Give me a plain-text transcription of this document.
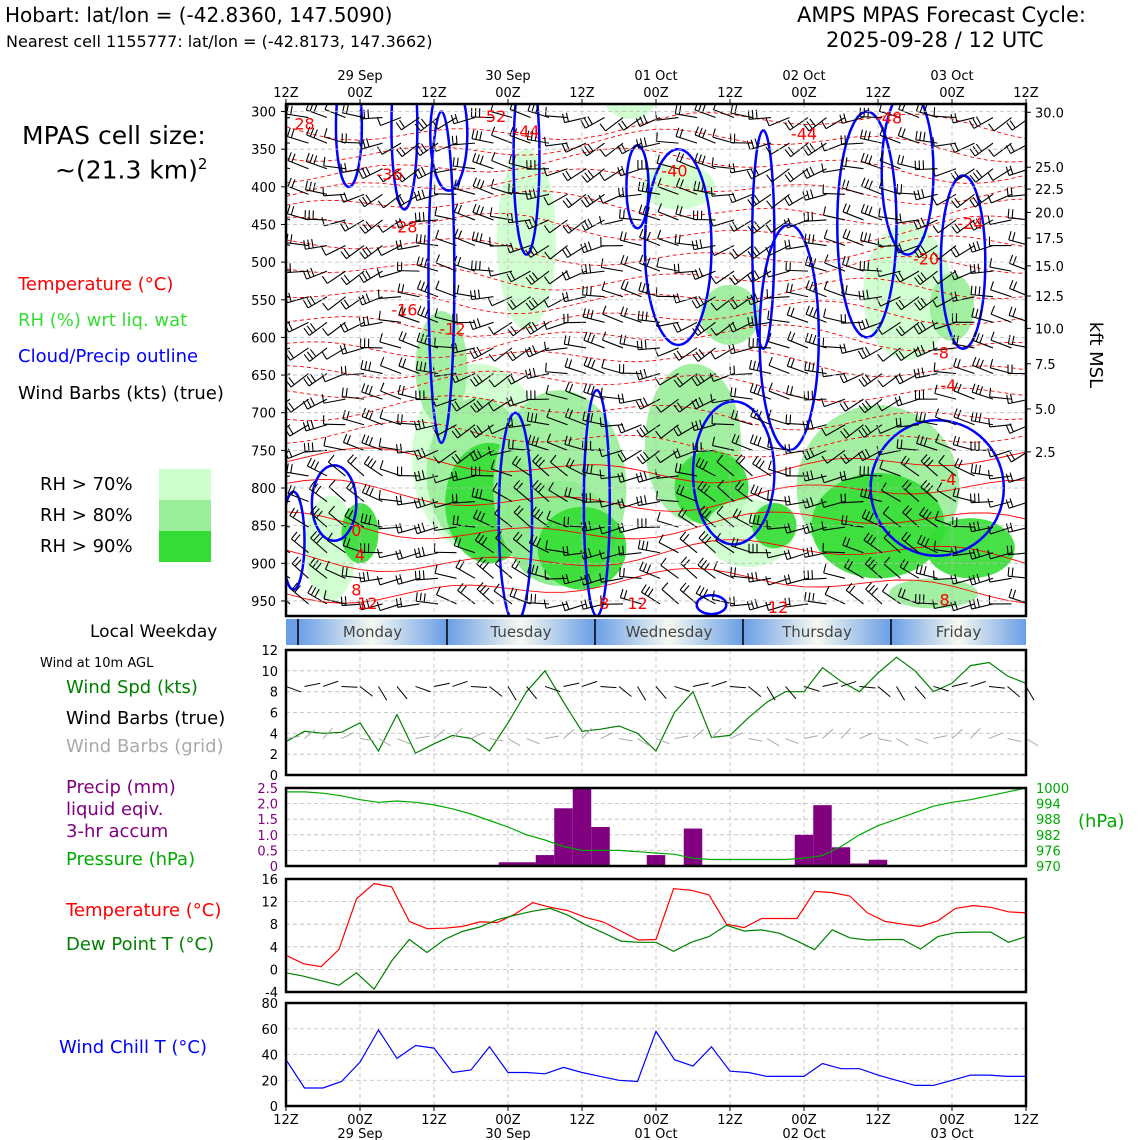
Hobart: lat/lon = (-42.8360, 147.5090)
Nearest cell 1155777: lat/lon = (-42.8173, 147.3662)
AMPS MPAS Forecast Cycle:
2025-09-28 / 12 UTC
MPAS cell size:
~(21.3 km)$^2$
Temperature (°C)
RH (%) wrt liq. wat
Cloud/Precip outline
Wind Barbs (kts) (true)
RH > 70%
RH > 80%
RH > 90%
Local Weekday
Wind at 10m AGL
Wind Spd (kts)
Wind Barbs (true)
Wind Barbs (grid)
Precip (mm)
liquid eqiv.
3-hr accum
Pressure (hPa)
Temperature (°C)
Dew Point T (°C)
Wind Chill T (°C)
-52
-44	-44
-48
-36	-40
-28	-24
-20
-16
-12
-8
-4
-4
0
4
8
12	8 12	12	8
28
300
350
400
450
500
550
600
650
700
750
800
850
900
950
30.0
25.0
22.5
20.0
17.5
15.0
12.5
10.0
7.5
5.0
2.5
kft MSL
12Z	00Z	12Z	00Z	12Z	00Z	12Z	00Z	12Z	00Z	12Z
29 Sep	30 Sep	01 Oct	02 Oct	03 Oct
Monday	Tuesday	Wednesday	Thursday	Friday
0
2
4
6
8
10
12
0
0.5
1.0
1.5
2.0
2.5
970
976
982
988
994
1000
(hPa)
-4
0
4
8
12
16
0
20
40
60
80
12Z	00Z	12Z	00Z	12Z	00Z	12Z	00Z	12Z	00Z	12Z
29 Sep	30 Sep	01 Oct	02 Oct	03 Oct
